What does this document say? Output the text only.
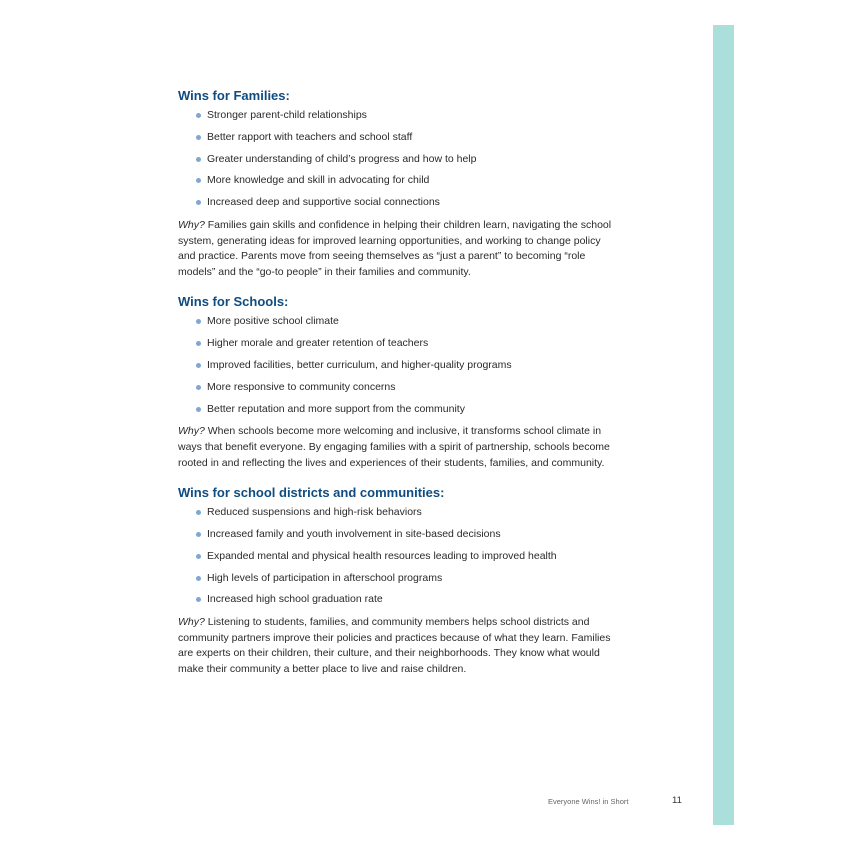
Wins for Families:
Stronger parent-child relationships
Better rapport with teachers and school staff
Greater understanding of child’s progress and how to help
More knowledge and skill in advocating for child
Increased deep and supportive social connections

Why? Families gain skills and confidence in helping their children learn, navigating the school system, generating ideas for improved learning opportunities, and working to change policy and practice. Parents move from seeing themselves as “just a parent” to becoming “role models” and the “go-to people” in their families and community.

Wins for Schools:
More positive school climate
Higher morale and greater retention of teachers
Improved facilities, better curriculum, and higher-quality programs
More responsive to community concerns
Better reputation and more support from the community

Why? When schools become more welcoming and inclusive, it transforms school climate in ways that benefit everyone. By engaging families with a spirit of partnership, schools become rooted in and reflecting the lives and experiences of their students, families, and community.

Wins for school districts and communities:
Reduced suspensions and high-risk behaviors
Increased family and youth involvement in site-based decisions
Expanded mental and physical health resources leading to improved health
High levels of participation in afterschool programs
Increased high school graduation rate

Why? Listening to students, families, and community members helps school districts and community partners improve their policies and practices because of what they learn. Families are experts on their children, their culture, and their neighborhoods. They know what would make their community a better place to live and raise children.

Everyone Wins! in Short	11
